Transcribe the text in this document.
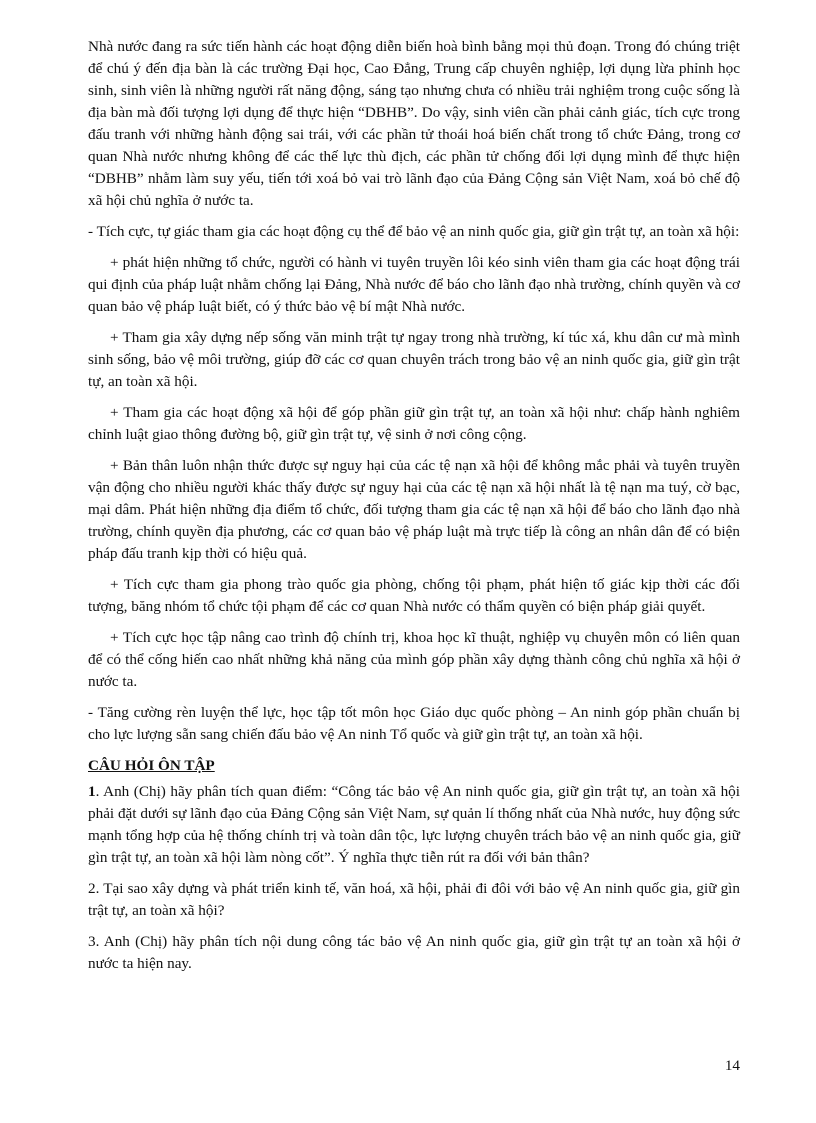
Nhà nước đang ra sức tiến hành các hoạt động diễn biến hoà bình bằng mọi thủ đoạn. Trong đó chúng triệt để chú ý đến địa bàn là các trường Đại học, Cao Đẳng, Trung cấp chuyên nghiệp, lợi dụng lừa phỉnh học sinh, sinh viên là những người rất năng động, sáng tạo nhưng chưa có nhiều trải nghiệm trong cuộc sống là địa bàn mà đối tượng lợi dụng để thực hiện “DBHB”. Do vậy, sinh viên cần phải cảnh giác, tích cực trong đấu tranh với những hành động sai trái, với các phần tử thoái hoá biến chất trong tổ chức Đảng, trong cơ quan Nhà nước nhưng không để các thế lực thù địch, các phần tử chống đối lợi dụng mình để thực hiện “DBHB” nhằm làm suy yếu, tiến tới xoá bỏ vai trò lãnh đạo của Đảng Cộng sản Việt Nam, xoá bỏ chế độ xã hội chủ nghĩa ở nước ta.

- Tích cực, tự giác tham gia các hoạt động cụ thể để bảo vệ an ninh quốc gia, giữ gìn trật tự, an toàn xã hội:

+ phát hiện những tổ chức, người có hành vi tuyên truyền lôi kéo sinh viên tham gia các hoạt động trái qui định của pháp luật nhằm chống lại Đảng, Nhà nước để báo cho lãnh đạo nhà trường, chính quyền và cơ quan bảo vệ pháp luật biết, có ý thức bảo vệ bí mật Nhà nước.

+ Tham gia xây dựng nếp sống văn minh trật tự ngay trong nhà trường, kí túc xá, khu dân cư mà mình sinh sống, bảo vệ môi trường, giúp đỡ các cơ quan chuyên trách trong bảo vệ an ninh quốc gia, giữ gìn trật tự, an toàn xã hội.

+ Tham gia các hoạt động xã hội để góp phần giữ gìn trật tự, an toàn xã hội như: chấp hành nghiêm chỉnh luật giao thông đường bộ, giữ gìn trật tự, vệ sinh ở nơi công cộng.

+ Bản thân luôn nhận thức được sự nguy hại của các tệ nạn xã hội để không mắc phải và tuyên truyền vận động cho nhiều người khác thấy được sự nguy hại của các tệ nạn xã hội nhất là tệ nạn ma tuý, cờ bạc, mại dâm. Phát hiện những địa điểm tổ chức, đối tượng tham gia các tệ nạn xã hội để báo cho lãnh đạo nhà trường, chính quyền địa phương, các cơ quan bảo vệ pháp luật mà trực tiếp là công an nhân dân để có biện pháp đấu tranh kịp thời có hiệu quả.

+ Tích cực tham gia phong trào quốc gia phòng, chống tội phạm, phát hiện tố giác kịp thời các đối tượng, băng nhóm tổ chức tội phạm để các cơ quan Nhà nước có thẩm quyền có biện pháp giải quyết.

+ Tích cực học tập nâng cao trình độ chính trị, khoa học kĩ thuật, nghiệp vụ chuyên môn có liên quan để có thể cống hiến cao nhất những khả năng của mình góp phần xây dựng thành công chủ nghĩa xã hội ở nước ta.

- Tăng cường rèn luyện thể lực, học tập tốt môn học Giáo dục quốc phòng – An ninh góp phần chuẩn bị cho lực lượng sẵn sang chiến đấu bảo vệ An ninh Tổ quốc và giữ gìn trật tự, an toàn xã hội.

CÂU HỎI ÔN TẬP

1. Anh (Chị) hãy phân tích quan điểm: “Công tác bảo vệ An ninh quốc gia, giữ gìn trật tự, an toàn xã hội phải đặt dưới sự lãnh đạo của Đảng Cộng sản Việt Nam, sự quản lí thống nhất của Nhà nước, huy động sức mạnh tổng hợp của hệ thống chính trị và toàn dân tộc, lực lượng chuyên trách bảo vệ an ninh quốc gia, giữ gìn trật tự, an toàn xã hội làm nòng cốt”. Ý nghĩa thực tiễn rút ra đối với bản thân?

2. Tại sao xây dựng và phát triển kinh tế, văn hoá, xã hội, phải đi đôi với bảo vệ An ninh quốc gia, giữ gìn trật tự, an toàn xã hội?

3. Anh (Chị) hãy phân tích nội dung công tác bảo vệ An ninh quốc gia, giữ gìn trật tự an toàn xã hội ở nước ta hiện nay.

14
